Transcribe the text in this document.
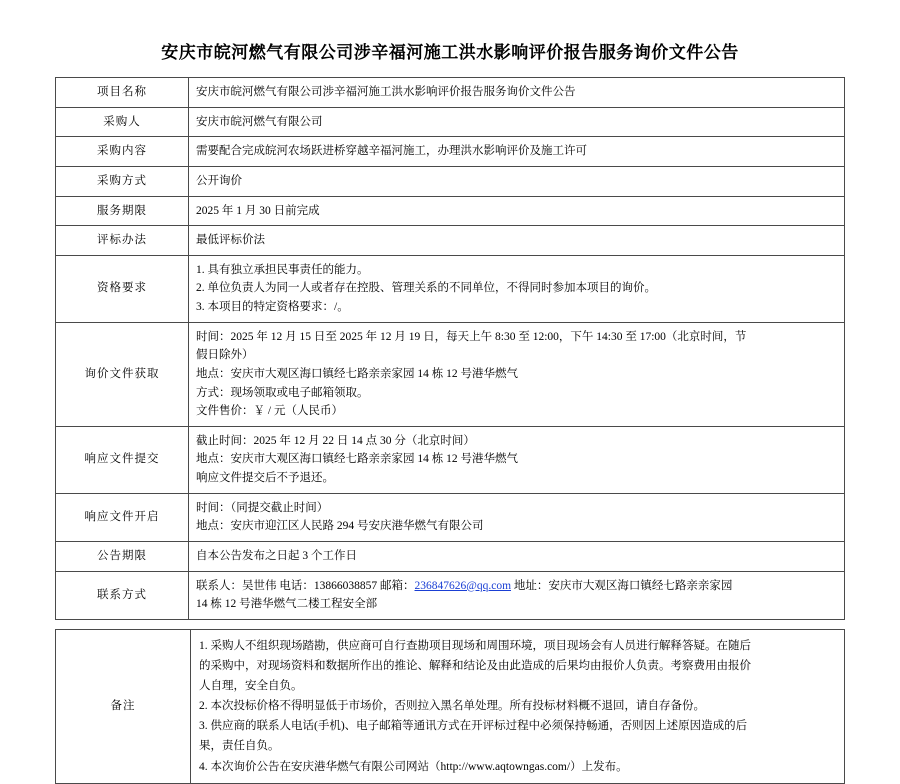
安庆市皖河燃气有限公司涉辛福河施工洪水影响评价报告服务询价文件公告
项目名称	安庆市皖河燃气有限公司涉辛福河施工洪水影响评价报告服务询价文件公告

采购人	安庆市皖河燃气有限公司

采购内容	需要配合完成皖河农场跃进桥穿越辛福河施工，办理洪水影响评价及施工许可

采购方式	公开询价

服务期限	2025 年 1 月 30 日前完成

评标办法	最低评标价法

资格要求	1. 具有独立承担民事责任的能力。
2. 单位负责人为同一人或者存在控股、管理关系的不同单位，不得同时参加本项目的询价。
3. 本项目的特定资格要求：/。

询价文件获取	时间：2025 年 12 月 15 日至 2025 年 12 月 19 日，每天上午 8:30 至 12:00，下午 14:30 至 17:00（北京时间，节
假日除外）
地点：安庆市大观区海口镇经七路亲亲家园 14 栋 12 号港华燃气
方式：现场领取或电子邮箱领取。
文件售价：￥ / 元（人民币）

响应文件提交	截止时间：2025 年 12 月 22 日 14 点 30 分（北京时间）
地点：安庆市大观区海口镇经七路亲亲家园 14 栋 12 号港华燃气
响应文件提交后不予退还。

响应文件开启	时间：（同提交截止时间）
地点：安庆市迎江区人民路 294 号安庆港华燃气有限公司

公告期限	自本公告发布之日起 3 个工作日

联系方式	联系人：吴世伟 电话：13866038857 邮箱：236847626@qq.com 地址：安庆市大观区海口镇经七路亲亲家园
14 栋 12 号港华燃气二楼工程安全部
备注	
1. 采购人不组织现场踏勘，供应商可自行查勘项目现场和周围环境，项目现场会有人员进行解释答疑。在随后
的采购中，对现场资料和数据所作出的推论、解释和结论及由此造成的后果均由报价人负责。考察费用由报价
人自理，安全自负。
2. 本次投标价格不得明显低于市场价，否则拉入黑名单处理。所有投标材料概不退回，请自存备份。
3. 供应商的联系人电话(手机)、电子邮箱等通讯方式在开评标过程中必须保持畅通，否则因上述原因造成的后
果，责任自负。
4. 本次询价公告在安庆港华燃气有限公司网站（http://www.aqtowngas.com/）上发布。
